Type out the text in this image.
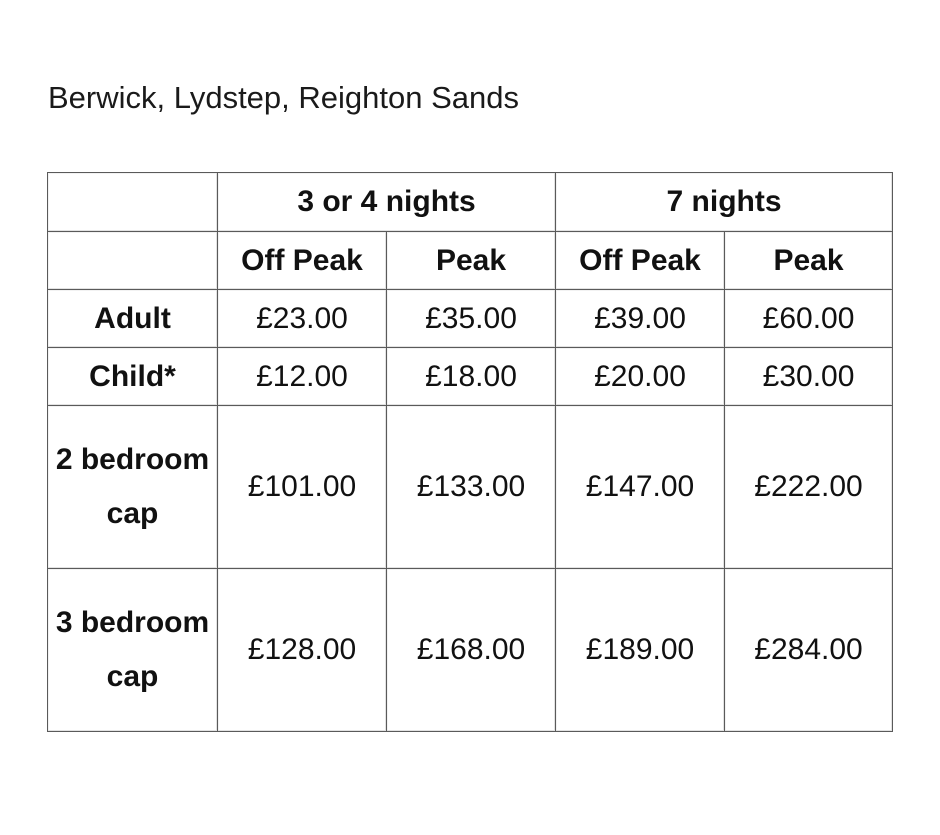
Berwick, Lydstep, Reighton Sands
	3 or 4 nights		7 nights	
	Off Peak	Peak	Off Peak	Peak
Adult	£23.00	£35.00	£39.00	£60.00
Child*	£12.00	£18.00	£20.00	£30.00
2 bedroom cap	£101.00	£133.00	£147.00	£222.00
3 bedroom cap	£128.00	£168.00	£189.00	£284.00
